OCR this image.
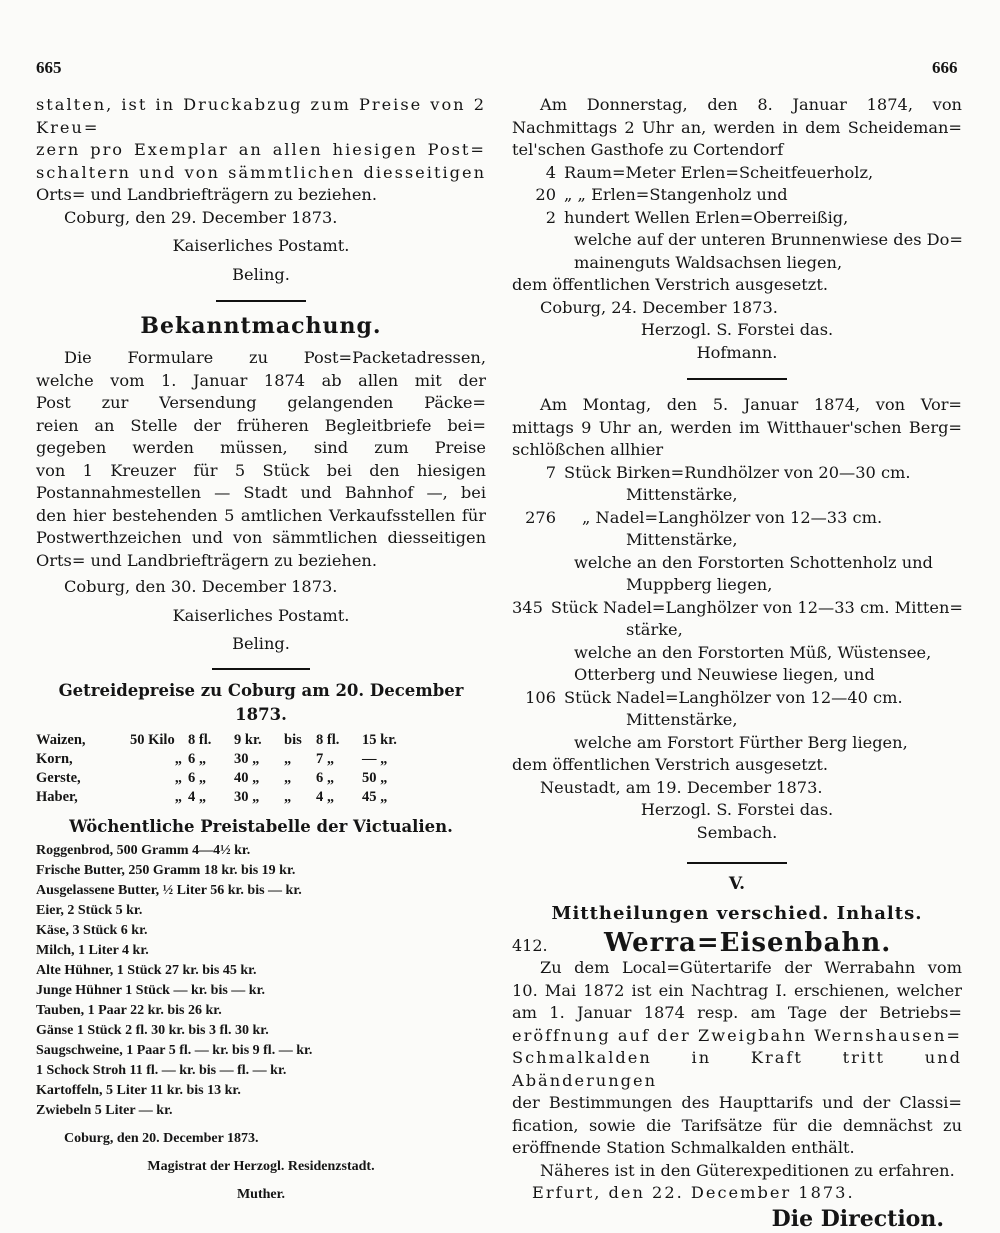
665	666
stalten, ist in Druckabzug zum Preise von 2 Kreu=
zern pro Exemplar an allen hiesigen Post=
schaltern und von sämmtlichen diesseitigen
Orts= und Landbriefträgern zu beziehen.
Coburg, den 29. December 1873.
Kaiserliches Postamt.
Beling.
Bekanntmachung.
Die Formulare zu Post=Packetadressen,
welche vom 1. Januar 1874 ab allen mit der
Post zur Versendung gelangenden Päcke=
reien an Stelle der früheren Begleitbriefe bei=
gegeben werden müssen, sind zum Preise
von 1 Kreuzer für 5 Stück bei den hiesigen
Postannahmestellen — Stadt und Bahnhof —, bei
den hier bestehenden 5 amtlichen Verkaufsstellen für
Postwerthzeichen und von sämmtlichen diesseitigen
Orts= und Landbriefträgern zu beziehen.
Coburg, den 30. December 1873.
Kaiserliches Postamt.
Beling.
Getreidepreise zu Coburg am 20. December 1873.
Waizen,	50 Kilo	8 fl.	9 kr.	bis	8 fl.	15 kr.
Korn,	„	6 „	30 „	„	7 „	— „
Gerste,	„	6 „	40 „	„	6 „	50 „
Haber,	„	4 „	30 „	„	4 „	45 „
Wöchentliche Preistabelle der Victualien.
Roggenbrod, 500 Gramm 4—4½ kr.
Frische Butter, 250 Gramm 18 kr. bis 19 kr.
Ausgelassene Butter, ½ Liter 56 kr. bis — kr.
Eier, 2 Stück 5 kr.
Käse, 3 Stück 6 kr.
Milch, 1 Liter 4 kr.
Alte Hühner, 1 Stück 27 kr. bis 45 kr.
Junge Hühner 1 Stück — kr. bis — kr.
Tauben, 1 Paar 22 kr. bis 26 kr.
Gänse 1 Stück 2 fl. 30 kr. bis 3 fl. 30 kr.
Saugschweine, 1 Paar 5 fl. — kr. bis 9 fl. — kr.
1 Schock Stroh 11 fl. — kr. bis — fl. — kr.
Kartoffeln, 5 Liter 11 kr. bis 13 kr.
Zwiebeln 5 Liter — kr.
Coburg, den 20. December 1873.
Magistrat der Herzogl. Residenzstadt.
Muther.
Am Donnerstag, den 8. Januar 1874, von
Nachmittags 2 Uhr an, werden in dem Scheideman=
tel'schen Gasthofe zu Cortendorf
4 Raum=Meter Erlen=Scheitfeuerholz,
20 „ „ Erlen=Stangenholz und
2 hundert Wellen Erlen=Oberreißig,
welche auf der unteren Brunnenwiese des Do=
mainenguts Waldsachsen liegen,
dem öffentlichen Verstrich ausgesetzt.
Coburg, 24. December 1873.
Herzogl. S. Forstei das.
Hofmann.
Am Montag, den 5. Januar 1874, von Vor=
mittags 9 Uhr an, werden im Witthauer'schen Berg=
schlößchen allhier
7 Stück Birken=Rundhölzer von 20—30 cm.
Mittenstärke,
276	„ Nadel=Langhölzer von 12—33 cm.
Mittenstärke,
welche an den Forstorten Schottenholz und
Muppberg liegen,
345 Stück Nadel=Langhölzer von 12—33 cm. Mitten=
stärke,
welche an den Forstorten Müß, Wüstensee,
Otterberg und Neuwiese liegen, und
106 Stück Nadel=Langhölzer von 12—40 cm.
Mittenstärke,
welche am Forstort Fürther Berg liegen,
dem öffentlichen Verstrich ausgesetzt.
Neustadt, am 19. December 1873.
Herzogl. S. Forstei das.
Sembach.
V.
Mittheilungen verschied. Inhalts.
412.	Werra=Eisenbahn.
Zu dem Local=Gütertarife der Werrabahn vom
10. Mai 1872 ist ein Nachtrag I. erschienen, welcher
am 1. Januar 1874 resp. am Tage der Betriebs=
eröffnung auf der Zweigbahn Wernshausen=
Schmalkalden in Kraft tritt und Abänderungen
der Bestimmungen des Haupttarifs und der Classi=
fication, sowie die Tarifsätze für die demnächst zu
eröffnende Station Schmalkalden enthält.
Näheres ist in den Güterexpeditionen zu erfahren.
Erfurt, den 22. December 1873.
Die Direction.
